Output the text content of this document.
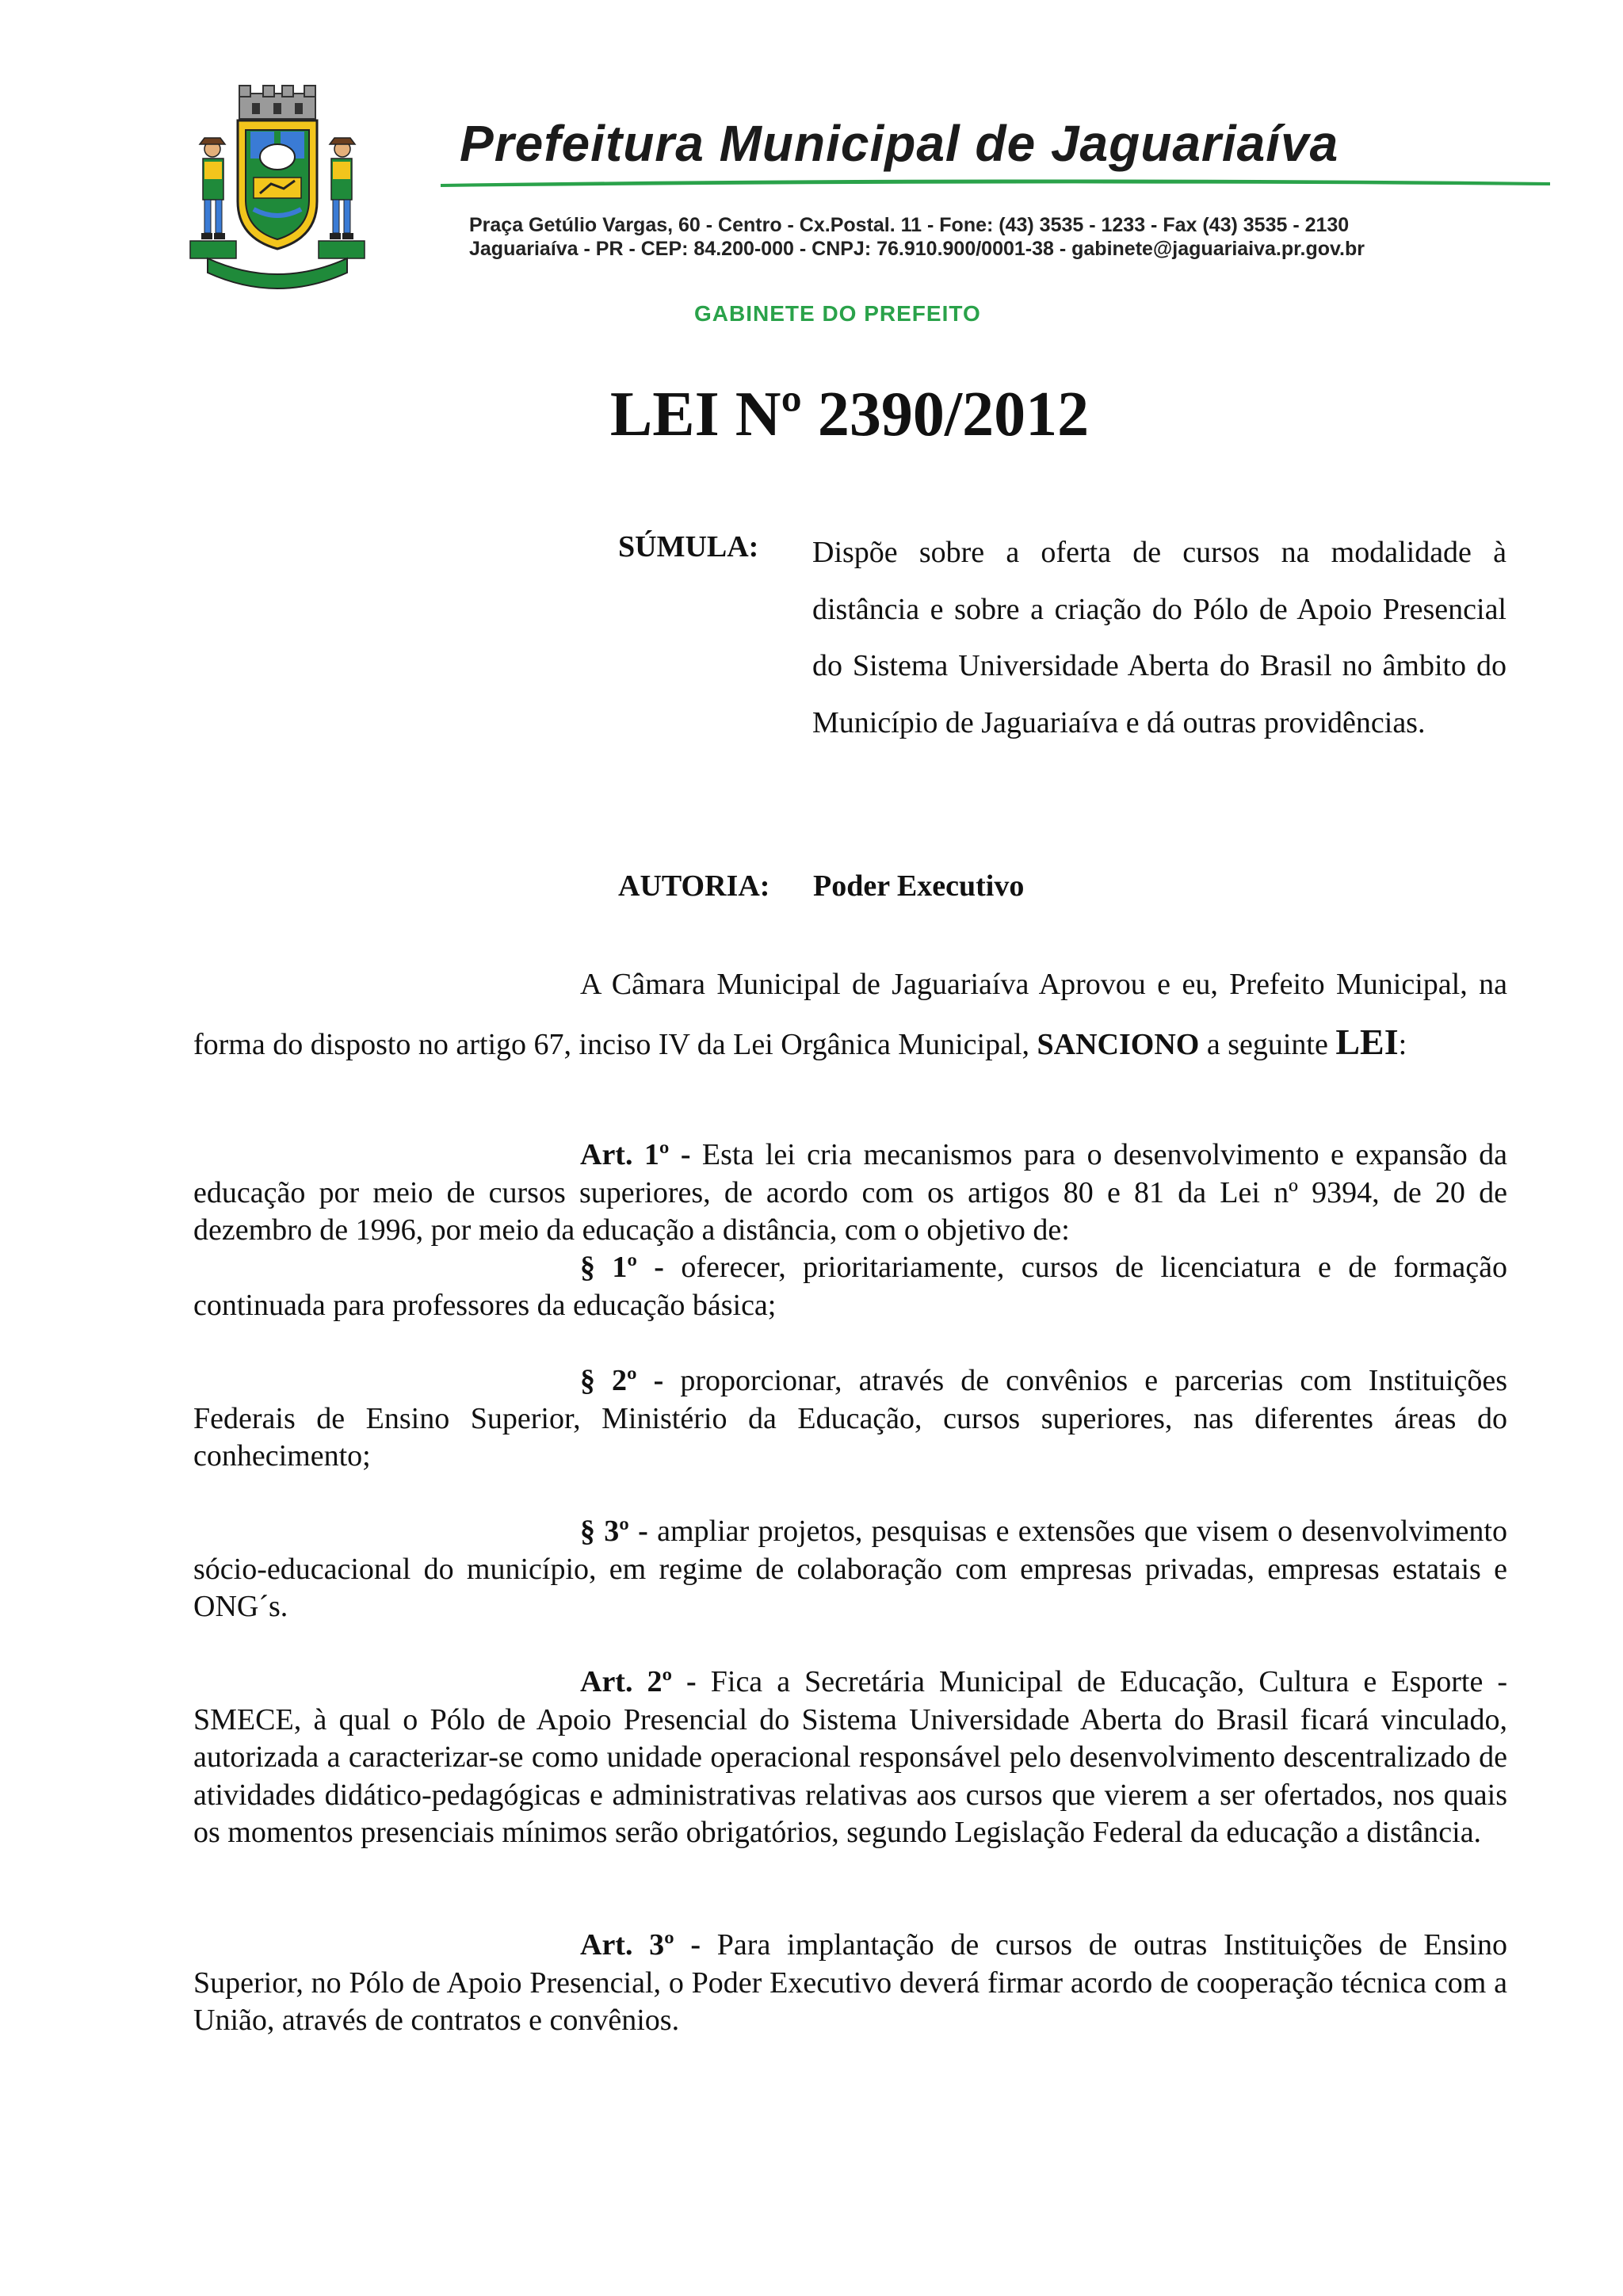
Prefeitura Municipal de Jaguariaíva
Praça Getúlio Vargas, 60 - Centro - Cx.Postal. 11 - Fone: (43) 3535 - 1233 - Fax (43) 3535 - 2130
Jaguariaíva - PR - CEP: 84.200-000 - CNPJ: 76.910.900/0001-38 - gabinete@jaguariaiva.pr.gov.br
GABINETE DO PREFEITO
LEI Nº 2390/2012
SÚMULA: Dispõe sobre a oferta de cursos na modalidade à distância e sobre a criação do Pólo de Apoio Presencial do Sistema Universidade Aberta do Brasil no âmbito do Município de Jaguariaíva e dá outras providências.
AUTORIA: Poder Executivo
A Câmara Municipal de Jaguariaíva Aprovou e eu, Prefeito Municipal, na forma do disposto no artigo 67, inciso IV da Lei Orgânica Municipal, SANCIONO a seguinte LEI:
Art. 1º - Esta lei cria mecanismos para o desenvolvimento e expansão da educação por meio de cursos superiores, de acordo com os artigos 80 e 81 da Lei nº 9394, de 20 de dezembro de 1996, por meio da educação a distância, com o objetivo de:
§ 1º - oferecer, prioritariamente, cursos de licenciatura e de formação continuada para professores da educação básica;
§ 2º - proporcionar, através de convênios e parcerias com Instituições Federais de Ensino Superior, Ministério da Educação, cursos superiores, nas diferentes áreas do conhecimento;
§ 3º - ampliar projetos, pesquisas e extensões que visem o desenvolvimento sócio-educacional do município, em regime de colaboração com empresas privadas, empresas estatais e ONG´s.
Art. 2º - Fica a Secretária Municipal de Educação, Cultura e Esporte - SMECE, à qual o Pólo de Apoio Presencial do Sistema Universidade Aberta do Brasil ficará vinculado, autorizada a caracterizar-se como unidade operacional responsável pelo desenvolvimento descentralizado de atividades didático-pedagógicas e administrativas relativas aos cursos que vierem a ser ofertados, nos quais os momentos presenciais mínimos serão obrigatórios, segundo Legislação Federal da educação a distância.
Art. 3º - Para implantação de cursos de outras Instituições de Ensino Superior, no Pólo de Apoio Presencial, o Poder Executivo deverá firmar acordo de cooperação técnica com a União, através de contratos e convênios.
